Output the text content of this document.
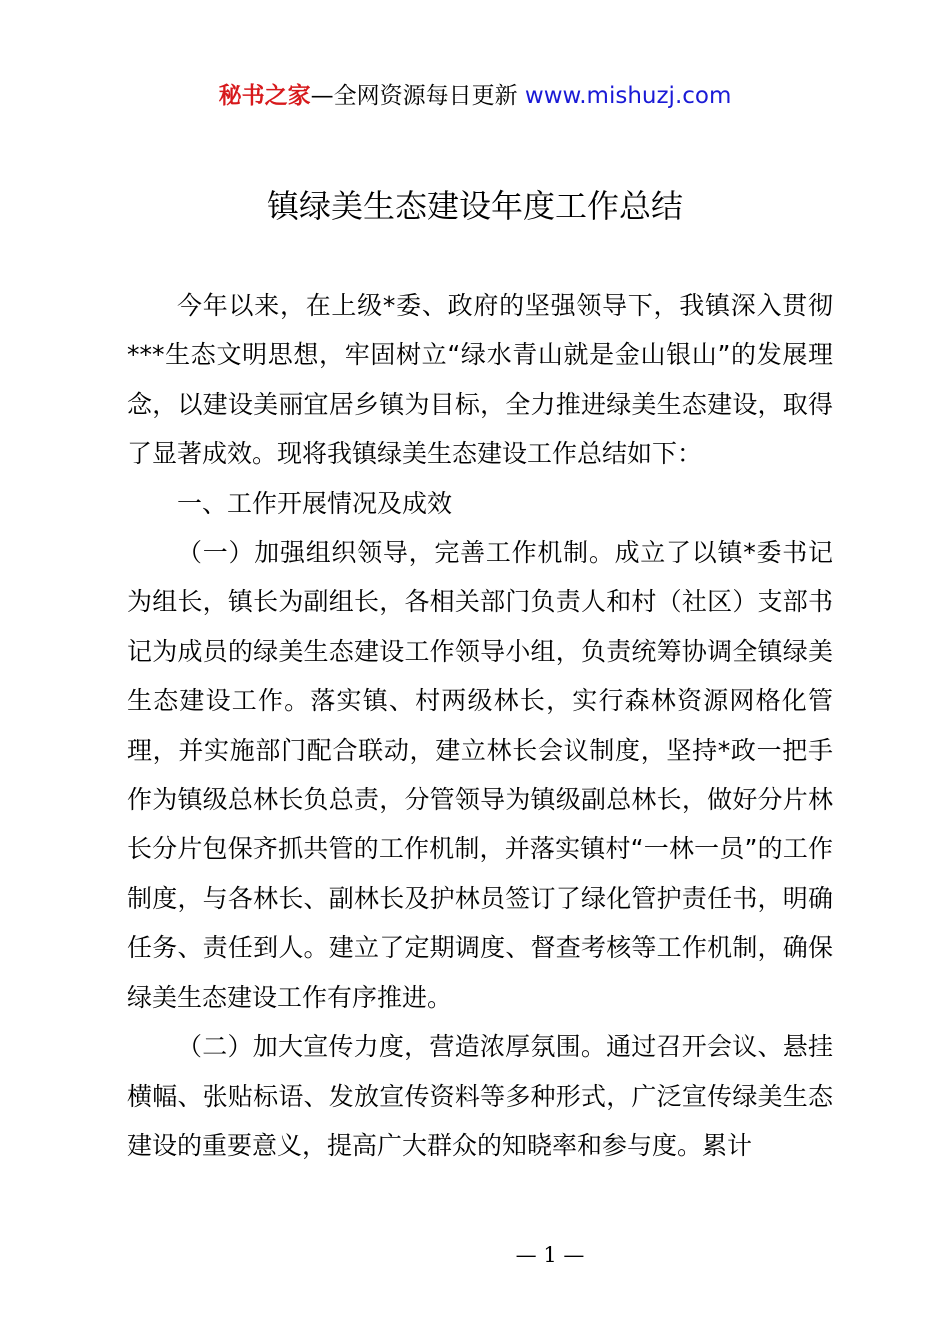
秘书之家—全网资源每日更新 www.mishuzj.com
镇绿美生态建设年度工作总结

今年以来，在上级*委、政府的坚强领导下，我镇深入贯彻***生态文明思想，牢固树立“绿水青山就是金山银山”的发展理念，以建设美丽宜居乡镇为目标，全力推进绿美生态建设，取得了显著成效。现将我镇绿美生态建设工作总结如下：

一、工作开展情况及成效

（一）加强组织领导，完善工作机制。成立了以镇*委书记为组长，镇长为副组长，各相关部门负责人和村（社区）支部书记为成员的绿美生态建设工作领导小组，负责统筹协调全镇绿美生态建设工作。落实镇、村两级林长，实行森林资源网格化管理，并实施部门配合联动，建立林长会议制度，坚持*政一把手作为镇级总林长负总责，分管领导为镇级副总林长，做好分片林长分片包保齐抓共管的工作机制，并落实镇村“一林一员”的工作制度，与各林长、副林长及护林员签订了绿化管护责任书，明确任务、责任到人。建立了定期调度、督查考核等工作机制，确保绿美生态建设工作有序推进。

（二）加大宣传力度，营造浓厚氛围。通过召开会议、悬挂横幅、张贴标语、发放宣传资料等多种形式，广泛宣传绿美生态建设的重要意义，提高广大群众的知晓率和参与度。累计

— 1 —
